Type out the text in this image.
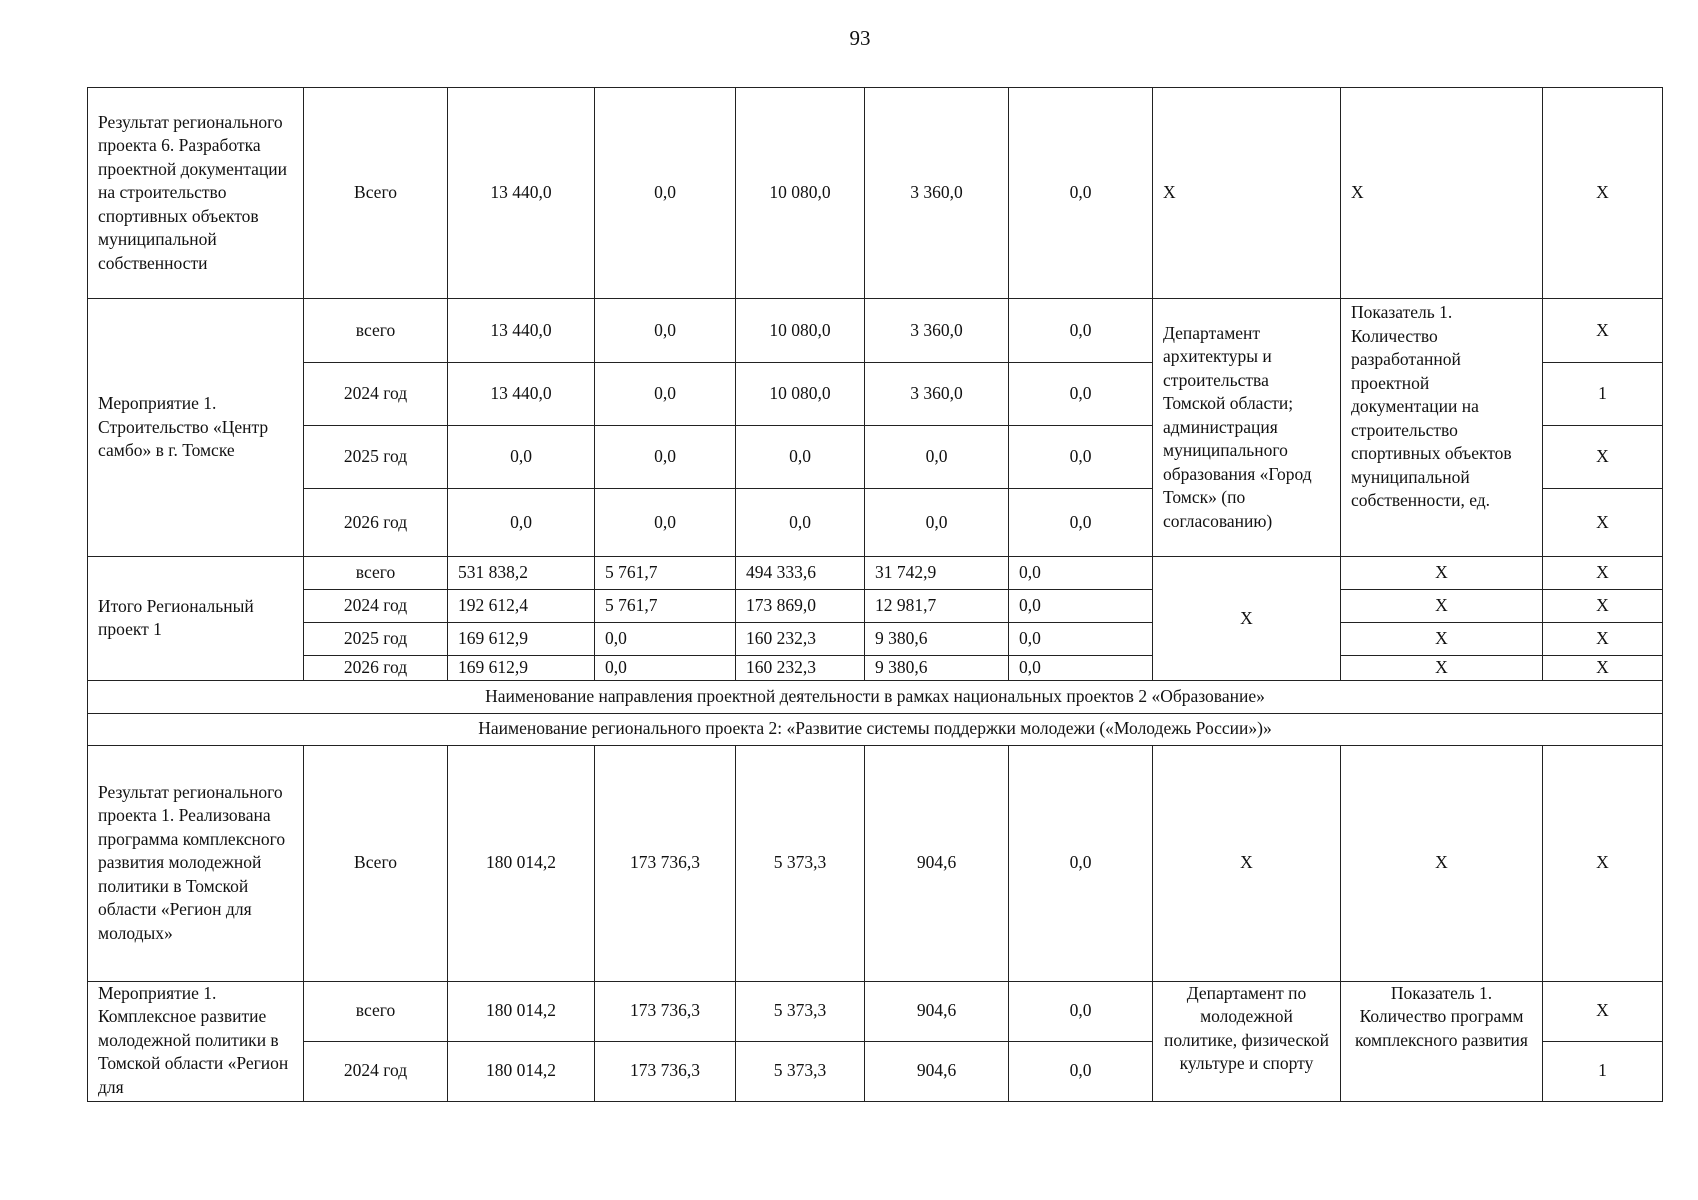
93
Результат регионального проекта 6. Разработка проектной документации на строительство спортивных объектов муниципальной собственности	Всего	13 440,0	0,0	10 080,0	3 360,0	0,0	Х	Х	Х
Мероприятие 1. Строительство «Центр самбо» в г. Томске	всего	13 440,0	0,0	10 080,0	3 360,0	0,0	Департамент архитектуры и строительства Томской области; администрация муниципального образования «Город Томск» (по согласованию)	Показатель 1. Количество разработанной проектной документации на строительство спортивных объектов муниципальной собственности, ед.	Х
	2024 год	13 440,0	0,0	10 080,0	3 360,0	0,0			1
	2025 год	0,0	0,0	0,0	0,0	0,0			Х
	2026 год	0,0	0,0	0,0	0,0	0,0			Х
Итого Региональный проект 1	всего	531 838,2	5 761,7	494 333,6	31 742,9	0,0	Х	Х	Х
	2024 год	192 612,4	5 761,7	173 869,0	12 981,7	0,0		Х	Х
	2025 год	169 612,9	0,0	160 232,3	9 380,6	0,0		Х	Х
	2026 год	169 612,9	0,0	160 232,3	9 380,6	0,0		Х	Х
Наименование направления проектной деятельности в рамках национальных проектов 2 «Образование»									
Наименование регионального проекта 2: «Развитие системы поддержки молодежи («Молодежь России»)»									
Результат регионального проекта 1. Реализована программа комплексного развития молодежной политики в Томской области «Регион для молодых»	Всего	180 014,2	173 736,3	5 373,3	904,6	0,0	Х	Х	Х
Мероприятие 1. Комплексное развитие молодежной политики в Томской области «Регион для	всего	180 014,2	173 736,3	5 373,3	904,6	0,0	Департамент по молодежной политике, физической культуре и спорту	Показатель 1. Количество программ комплексного развития	Х
	2024 год	180 014,2	173 736,3	5 373,3	904,6	0,0			1
